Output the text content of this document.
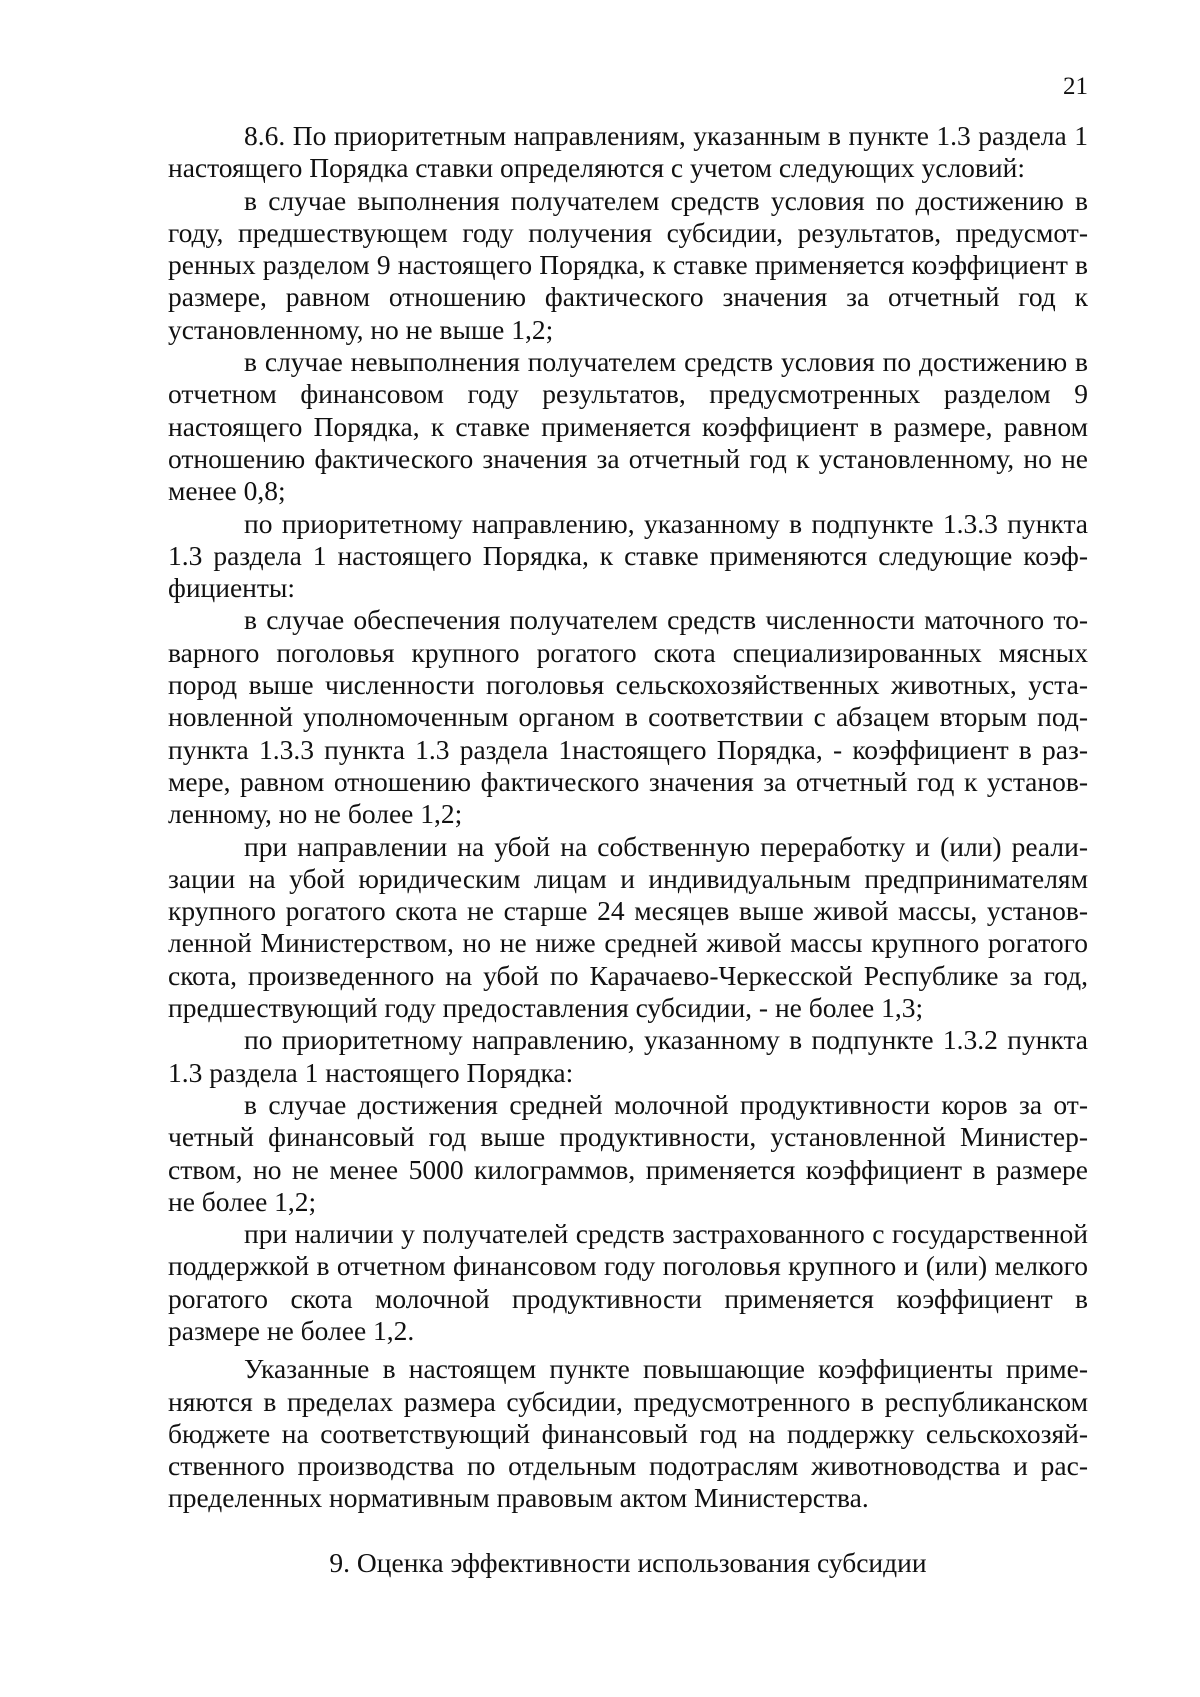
21

8.6. По приоритетным направлениям, указанным в пункте 1.3 раздела 1 настоящего Порядка ставки определяются с учетом следующих условий:

в случае выполнения получателем средств условия по достижению в году, предшествующем году получения субсидии, результатов, предусмотренных разделом 9 настоящего Порядка, к ставке применяется коэффициент в размере, равном отношению фактического значения за отчетный год к установленному, но не выше 1,2;

в случае невыполнения получателем средств условия по достижению в отчетном финансовом году результатов, предусмотренных разделом 9 настоящего Порядка, к ставке применяется коэффициент в размере, равном отношению фактического значения за отчетный год к установленному, но не менее 0,8;

по приоритетному направлению, указанному в подпункте 1.3.3 пункта 1.3 раздела 1 настоящего Порядка, к ставке применяются следующие коэффициенты:

в случае обеспечения получателем средств численности маточного товарного поголовья крупного рогатого скота специализированных мясных пород выше численности поголовья сельскохозяйственных животных, установленной уполномоченным органом в соответствии с абзацем вторым подпункта 1.3.3 пункта 1.3 раздела 1настоящего Порядка, - коэффициент в размере, равном отношению фактического значения за отчетный год к установленному, но не более 1,2;

при направлении на убой на собственную переработку и (или) реализации на убой юридическим лицам и индивидуальным предпринимателям крупного рогатого скота не старше 24 месяцев выше живой массы, установленной Министерством, но не ниже средней живой массы крупного рогатого скота, произведенного на убой по Карачаево-Черкесской Республике за год, предшествующий году предоставления субсидии, - не более 1,3;

по приоритетному направлению, указанному в подпункте 1.3.2 пункта 1.3 раздела 1 настоящего Порядка:

в случае достижения средней молочной продуктивности коров за отчетный финансовый год выше продуктивности, установленной Министерством, но не менее 5000 килограммов, применяется коэффициент в размере не более 1,2;

при наличии у получателей средств застрахованного с государственной поддержкой в отчетном финансовом году поголовья крупного и (или) мелкого рогатого скота молочной продуктивности применяется коэффициент в размере не более 1,2.

Указанные в настоящем пункте повышающие коэффициенты применяются в пределах размера субсидии, предусмотренного в республиканском бюджете на соответствующий финансовый год на поддержку сельскохозяйственного производства по отдельным подотраслям животноводства и распределенных нормативным правовым актом Министерства.

9. Оценка эффективности использования субсидии
